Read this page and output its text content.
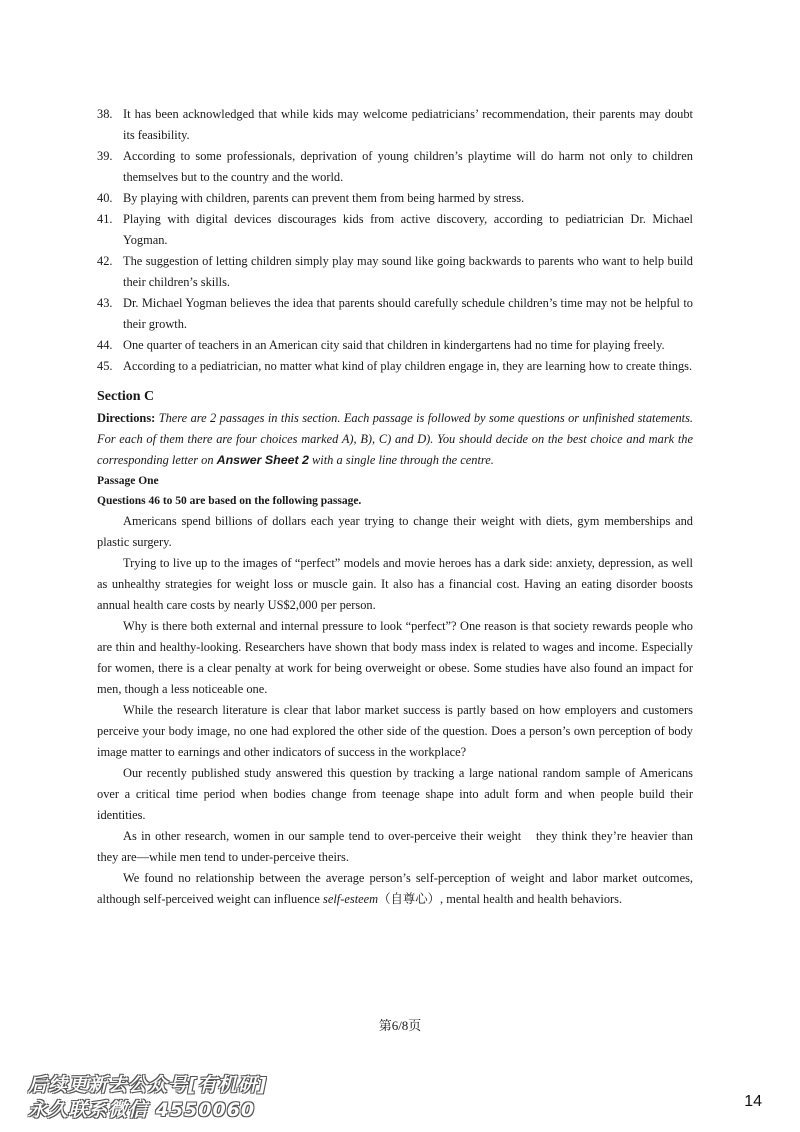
38. It has been acknowledged that while kids may welcome pediatricians’ recommendation, their parents may doubt its feasibility.
39. According to some professionals, deprivation of young children’s playtime will do harm not only to children themselves but to the country and the world.
40. By playing with children, parents can prevent them from being harmed by stress.
41. Playing with digital devices discourages kids from active discovery, according to pediatrician Dr. Michael Yogman.
42. The suggestion of letting children simply play may sound like going backwards to parents who want to help build their children’s skills.
43. Dr. Michael Yogman believes the idea that parents should carefully schedule children’s time may not be helpful to their growth.
44. One quarter of teachers in an American city said that children in kindergartens had no time for playing freely.
45. According to a pediatrician, no matter what kind of play children engage in, they are learning how to create things.
Section C
Directions: There are 2 passages in this section. Each passage is followed by some questions or unfinished statements. For each of them there are four choices marked A), B), C) and D). You should decide on the best choice and mark the corresponding letter on Answer Sheet 2 with a single line through the centre.
Passage One
Questions 46 to 50 are based on the following passage.

Americans spend billions of dollars each year trying to change their weight with diets, gym memberships and plastic surgery.

Trying to live up to the images of “perfect” models and movie heroes has a dark side: anxiety, depression, as well as unhealthy strategies for weight loss or muscle gain. It also has a financial cost. Having an eating disorder boosts annual health care costs by nearly US$2,000 per person.

Why is there both external and internal pressure to look “perfect”? One reason is that society rewards people who are thin and healthy-looking. Researchers have shown that body mass index is related to wages and income. Especially for women, there is a clear penalty at work for being overweight or obese. Some studies have also found an impact for men, though a less noticeable one.

While the research literature is clear that labor market success is partly based on how employers and customers perceive your body image, no one had explored the other side of the question. Does a person’s own perception of body image matter to earnings and other indicators of success in the workplace?

Our recently published study answered this question by tracking a large national random sample of Americans over a critical time period when bodies change from teenage shape into adult form and when people build their identities.

As in other research, women in our sample tend to over-perceive their weight　they think they’re heavier than they are—while men tend to under-perceive theirs.

We found no relationship between the average person’s self-perception of weight and labor market outcomes, although self-perceived weight can influence self-esteem（自尊心）, mental health and health behaviors.

第6/8页
后续更新去公众号[有机研]
永久联系微信 4550060	14
